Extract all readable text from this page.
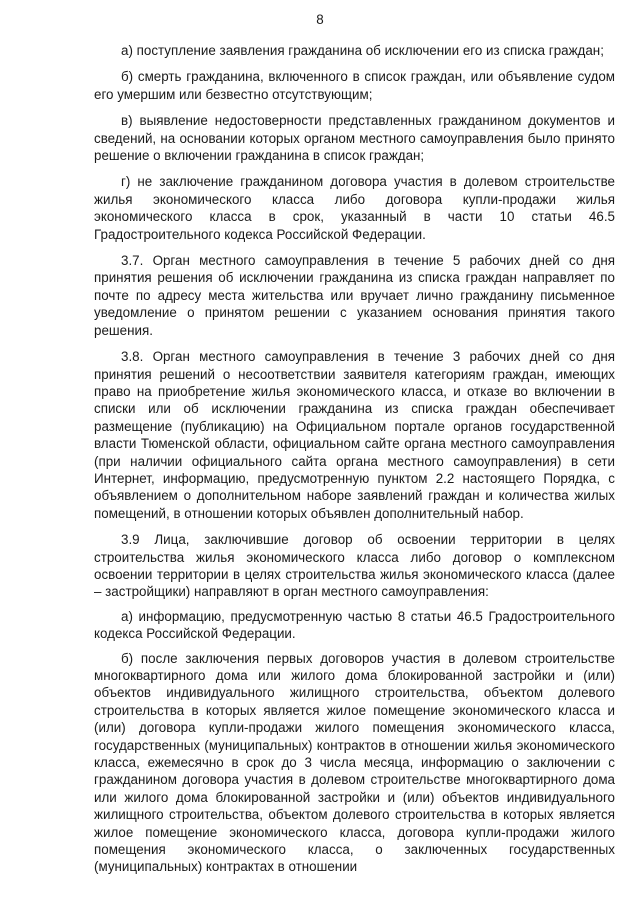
8

а) поступление заявления гражданина об исключении его из списка граждан;

б) смерть гражданина, включенного в список граждан, или объявление судом его умершим или безвестно отсутствующим;

в) выявление недостоверности представленных гражданином документов и сведений, на основании которых органом местного самоуправления было принято решение о включении гражданина в список граждан;

г) не заключение гражданином договора участия в долевом строительстве жилья экономического класса либо договора купли-продажи жилья экономического класса в срок, указанный в части 10 статьи 46.5 Градостроительного кодекса Российской Федерации.

3.7. Орган местного самоуправления в течение 5 рабочих дней со дня принятия решения об исключении гражданина из списка граждан направляет по почте по адресу места жительства или вручает лично гражданину письменное уведомление о принятом решении с указанием основания принятия такого решения.

3.8. Орган местного самоуправления в течение 3 рабочих дней со дня принятия решений о несоответствии заявителя категориям граждан, имеющих право на приобретение жилья экономического класса, и отказе во включении в списки или об исключении гражданина из списка граждан обеспечивает размещение (публикацию) на Официальном портале органов государственной власти Тюменской области, официальном сайте органа местного самоуправления (при наличии официального сайта органа местного самоуправления) в сети Интернет, информацию, предусмотренную пунктом 2.2 настоящего Порядка, с объявлением о дополнительном наборе заявлений граждан и количества жилых помещений, в отношении которых объявлен дополнительный набор.

3.9 Лица, заключившие договор об освоении территории в целях строительства жилья экономического класса либо договор о комплексном освоении территории в целях строительства жилья экономического класса (далее – застройщики) направляют в орган местного самоуправления:

а) информацию, предусмотренную частью 8 статьи 46.5 Градостроительного кодекса Российской Федерации.

б) после заключения первых договоров участия в долевом строительстве многоквартирного дома или жилого дома блокированной застройки и (или) объектов индивидуального жилищного строительства, объектом долевого строительства в которых является жилое помещение экономического класса и (или) договора купли-продажи жилого помещения экономического класса, государственных (муниципальных) контрактов в отношении жилья экономического класса, ежемесячно в срок до 3 числа месяца, информацию о заключении с гражданином договора участия в долевом строительстве многоквартирного дома или жилого дома блокированной застройки и (или) объектов индивидуального жилищного строительства, объектом долевого строительства в которых является жилое помещение экономического класса, договора купли-продажи жилого помещения экономического класса, о заключенных государственных (муниципальных) контрактах в отношении
